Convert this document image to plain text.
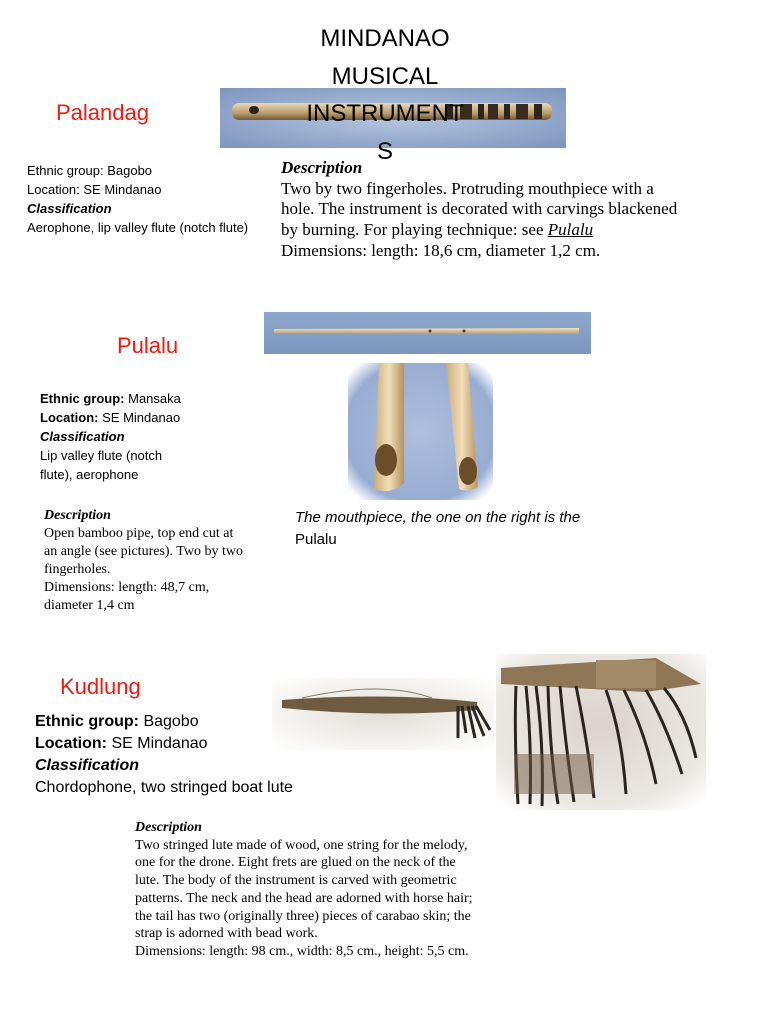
MINDANAO
MUSICAL
INSTRUMENT
S
Palandag
Ethnic group: Bagobo
Location: SE Mindanao
Classification
Aerophone, lip valley flute (notch flute)
Description
Two by two fingerholes. Protruding mouthpiece with a hole. The instrument is decorated with carvings blackened by burning. For playing technique: see Pulalu
Dimensions: length: 18,6 cm, diameter 1,2 cm.
Pulalu
Ethnic group: Mansaka
Location: SE Mindanao
Classification
Lip valley flute (notch flute), aerophone
Description
Open bamboo pipe, top end cut at an angle (see pictures). Two by two fingerholes.
Dimensions: length: 48,7 cm, diameter 1,4 cm
The mouthpiece, the one on the right is the Pulalu
Kudlung
Ethnic group: Bagobo
Location: SE Mindanao
Classification
Chordophone, two stringed boat lute
Description
Two stringed lute made of wood, one string for the melody,
one for the drone. Eight frets are glued on the neck of the
lute. The body of the instrument is carved with geometric
patterns. The neck and the head are adorned with horse hair;
the tail has two (originally three) pieces of carabao skin; the
strap is adorned with bead work.
Dimensions: length: 98 cm., width: 8,5 cm., height: 5,5 cm.
